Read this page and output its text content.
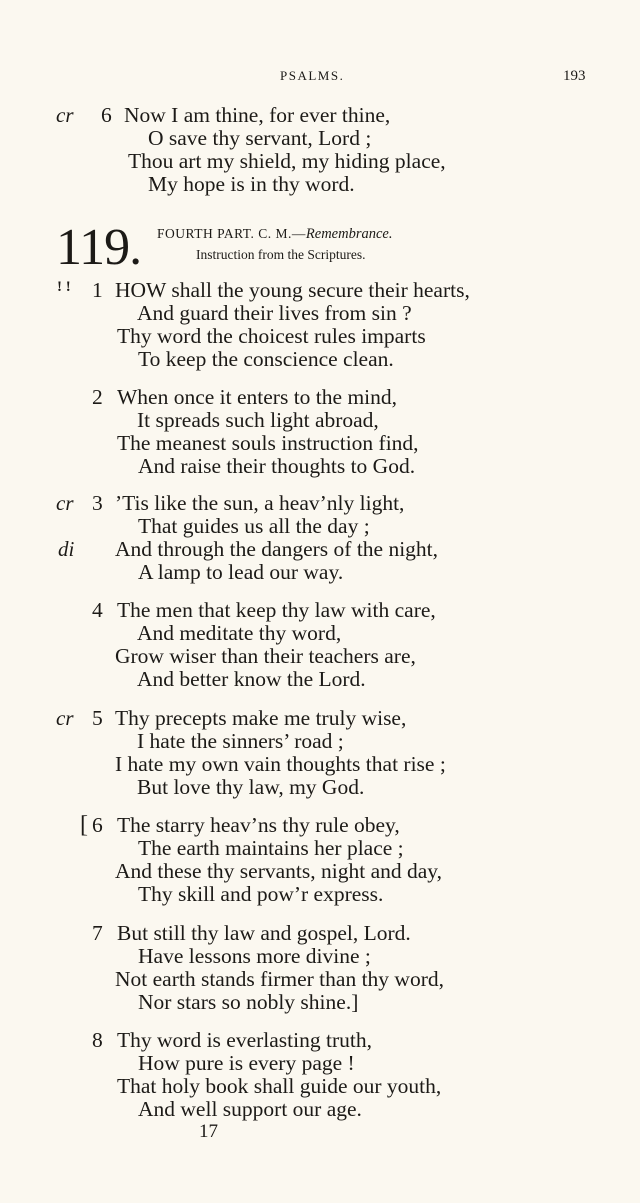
PSALMS.	193
cr 6 Now I am thine, for ever thine,
O save thy servant, Lord ;
Thou art my shield, my hiding place,
My hope is in thy word.
119. FOURTH PART. C. M.—Remembrance.
Instruction from the Scriptures.
! ! 1 HOW shall the young secure their hearts,
And guard their lives from sin ?
Thy word the choicest rules imparts
To keep the conscience clean.
2 When once it enters to the mind,
It spreads such light abroad,
The meanest souls instruction find,
And raise their thoughts to God.
cr 3 ’Tis like the sun, a heav’nly light,
That guides us all the day ;
di And through the dangers of the night,
A lamp to lead our way.
4 The men that keep thy law with care,
And meditate thy word,
Grow wiser than their teachers are,
And better know the Lord.
cr 5 Thy precepts make me truly wise,
I hate the sinners’ road ;
I hate my own vain thoughts that rise ;
But love thy law, my God.
[ 6 The starry heav’ns thy rule obey,
The earth maintains her place ;
And these thy servants, night and day,
Thy skill and pow’r express.
7 But still thy law and gospel, Lord.
Have lessons more divine ;
Not earth stands firmer than thy word,
Nor stars so nobly shine.]
8 Thy word is everlasting truth,
How pure is every page !
That holy book shall guide our youth,
And well support our age.
17
